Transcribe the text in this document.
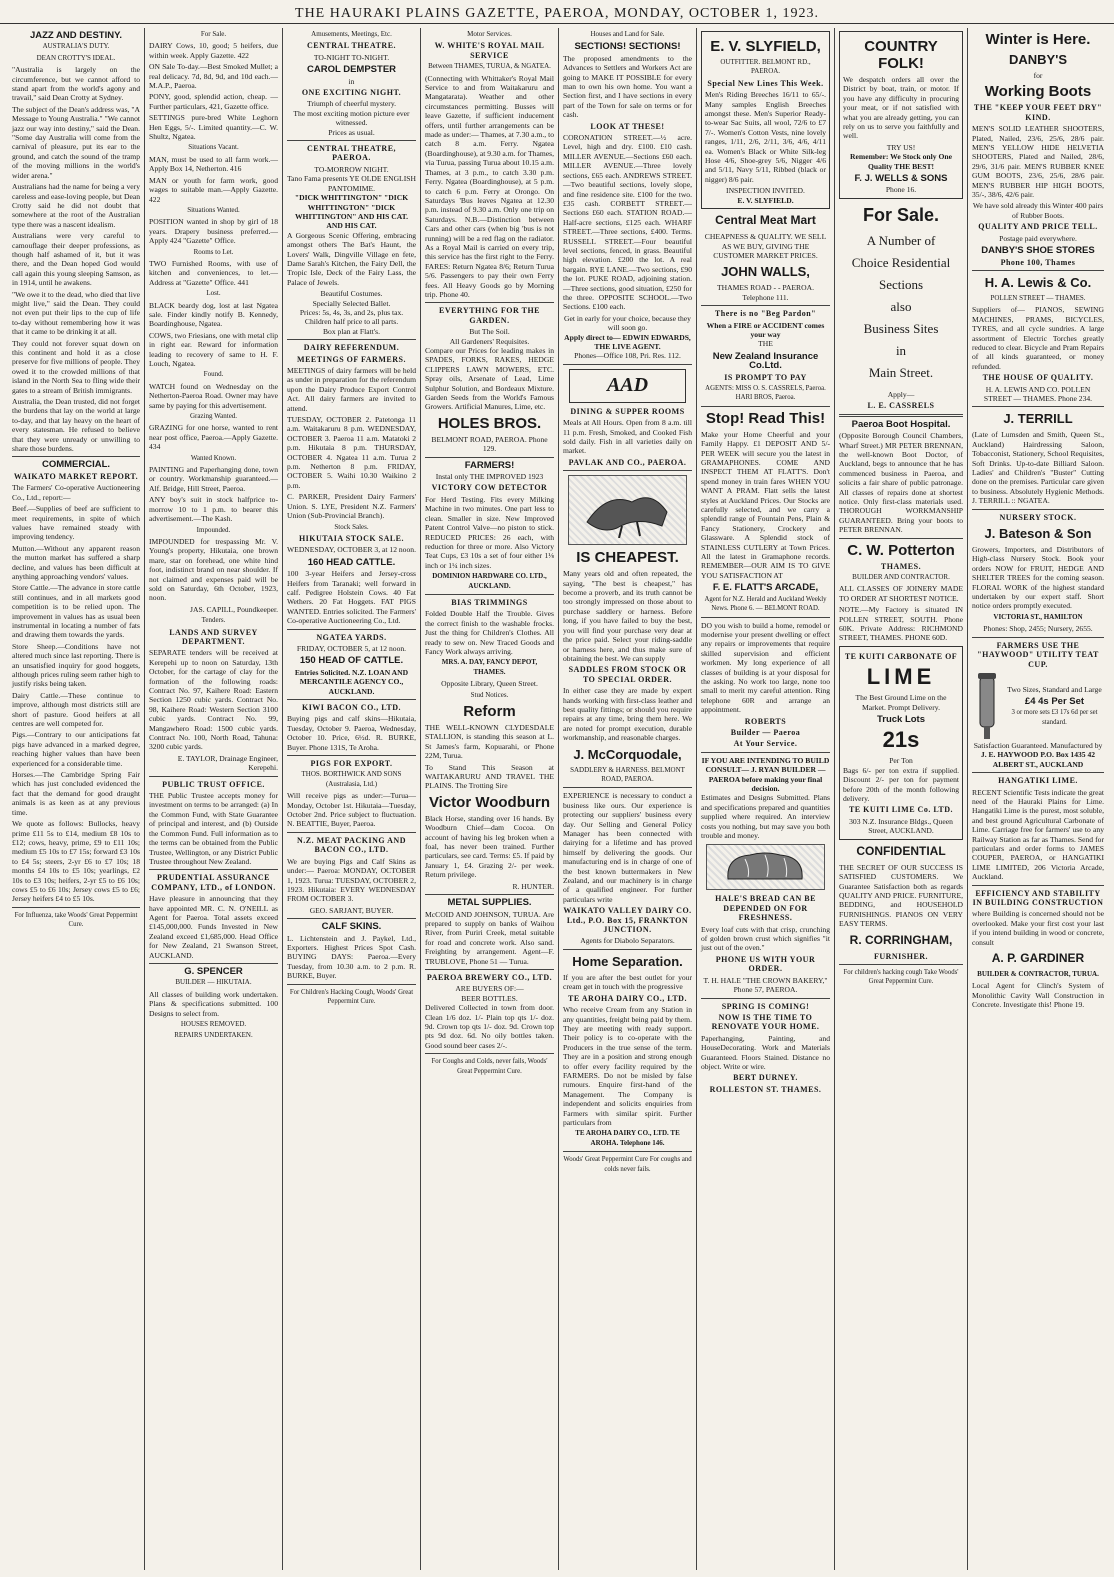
THE HAURAKI PLAINS GAZETTE, PAEROA, MONDAY, OCTOBER 1, 1923.
JAZZ AND DESTINY.
AUSTRALIA'S DUTY.
DEAN CROTTY'S IDEAL.

"Australia is largely on the circumference, but we cannot afford to stand apart from the world's agony and travail," said Dean Crotty at Sydney.

The subject of the Dean's address was, "A Message to Young Australia." "We cannot jazz our way into destiny," said the Dean. "Some day Australia will come from the carnival of pleasure, put its ear to the ground, and catch the sound of the tramp of the moving millions in the world's wider arena."

Australians had the name for being a very careless and ease-loving people, but Dean Crotty said he did not doubt that somewhere at the root of the Australian type there was a nascent idealism.

Australians were very careful to camouflage their deeper professions, as though half ashamed of it, but it was there, and the Dean hoped God would call again this young sleeping Samson, as in 1914, until he awakens.

"We owe it to the dead, who died that live might live," said the Dean. They could not even put their lips to the cup of life to-day without remembering how it was that it came to be drinking it at all.

They could not forever squat down on this continent and hold it as a close preserve for five millions of people. They owed it to the crowded millions of that island in the North Sea to fling wide their gates to a stream of British immigrants.

Australia, the Dean trusted, did not forget the burdens that lay on the world at large to-day, and that lay heavy on the heart of every statesman. He refused to believe that they were unready or unwilling to share those burdens.

COMMERCIAL.
WAIKATO MARKET REPORT.

The Farmers' Co-operative Auctioneering Co., Ltd., report:—

Beef.—Supplies of beef are sufficient to meet requirements, in spite of which values have remained steady with improving tendency.

Mutton.—Without any apparent reason the mutton market has suffered a sharp decline, and values has been difficult at anything approaching vendors' values.

Store Cattle.—The advance in store cattle still continues, and in all markets good competition is to be relied upon. The improvement in values has as usual been instrumental in locating a number of fats and drawing them towards the yards.

Store Sheep.—Conditions have not altered much since last reporting. There is an unsatisfied inquiry for good hoggets, although prices ruling seem rather high to justify risks being taken.

Dairy Cattle.—These continue to improve, although most districts still are short of pasture. Good heifers at all centres are well competed for.

Pigs.—Contrary to our anticipations fat pigs have advanced in a marked degree, reaching higher values than have been experienced for a considerable time.

Horses.—The Cambridge Spring Fair which has just concluded evidenced the fact that the demand for good draught animals is as keen as at any previous time.

We quote as follows: Bullocks, heavy prime £11 5s to £14, medium £8 10s to £12; cows, heavy, prime, £9 to £11 10s; medium £5 10s to £7 15s; forward £3 10s to £4 5s; steers, 2-yr £6 to £7 10s; 18 months £4 10s to £5 10s; yearlings, £2 10s to £3 10s; heifers, 2-yr £5 to £6 10s; cows £5 to £6 10s; Jersey cows £5 to £6; Jersey heifers £4 to £5 10s.

For Influenza, take Woods' Great Peppermint Cure.
For Sale.

DAIRY Cows, 10, good; 5 heifers, due within week. Apply Gazette. 422

ON Sale To-day.—Best Smoked Mullet; a real delicacy. 7d, 8d, 9d, and 10d each.—M.A.P., Paeroa.

PONY, good, splendid action, cheap. — Further particulars, 421, Gazette office.

SETTINGS pure-bred White Leghorn Hen Eggs, 5/-. Limited quantity.—C. W. Shultz, Ngatea.

Situations Vacant.

MAN, must be used to all farm work.—Apply Box 14, Netherton. 416

MAN or youth for farm work, good wages to suitable man.—Apply Gazette. 422

Situations Wanted.

POSITION wanted in shop by girl of 18 years. Drapery business preferred.—Apply 424 "Gazette" Office.

Rooms to Let.

TWO Furnished Rooms, with use of kitchen and conveniences, to let.—Address at "Gazette" Office. 441

Lost.

BLACK beardy dog, lost at last Ngatea sale. Finder kindly notify B. Kennedy, Boardinghouse, Ngatea.

COWS, two Friesians, one with metal clip in right ear. Reward for information leading to recovery of same to H. F. Louch, Ngatea.

Found.

WATCH found on Wednesday on the Netherton-Paeroa Road. Owner may have same by paying for this advertisement.

Grazing Wanted.

GRAZING for one horse, wanted to rent near post office, Paeroa.—Apply Gazette. 434

Wanted Known.

PAINTING and Paperhanging done, town or country. Workmanship guaranteed.—Alf. Bridge, Hill Street, Paeroa.

ANY boy's suit in stock halfprice to-morrow 10 to 1 p.m. to bearer this advertisement.—The Kash.

Impounded.

IMPOUNDED for trespassing Mr. V. Young's property, Hikutaia, one brown mare, star on forehead, one white hind foot, indistinct brand on near shoulder. If not claimed and expenses paid will be sold on Saturday, 6th October, 1923, noon.

JAS. CAPILL, Poundkeeper.
Tenders.
LANDS AND SURVEY DEPARTMENT.

SEPARATE tenders will be received at Kerepehi up to noon on Saturday, 13th October, for the cartage of clay for the formation of the following roads: Contract No. 97, Kaihere Road: Eastern Section 1250 cubic yards. Contract No. 98, Kaihere Road: Western Section 3100 cubic yards. Contract No. 99, Mangawhero Road: 1500 cubic yards. Contract No. 100, North Road, Tahuna: 3200 cubic yards.

E. TAYLOR, Drainage Engineer, Kerepehi.
PUBLIC TRUST OFFICE.

THE Public Trustee accepts money for investment on terms to be arranged: (a) In the Common Fund, with State Guarantee of principal and interest, and (b) Outside the Common Fund. Full information as to the terms can be obtained from the Public Trustee, Wellington, or any District Public Trustee throughout New Zealand.

PRUDENTIAL ASSURANCE COMPANY, LTD., of LONDON.

Have pleasure in announcing that they have appointed MR. C. N. O'NEILL as Agent for Paeroa. Total assets exceed £145,000,000. Funds Invested in New Zealand exceed £1,685,000. Head Office for New Zealand, 21 Swanson Street, AUCKLAND.

G. SPENCER
BUILDER — HIKUTAIA.

All classes of building work undertaken. Plans & specifications submitted. 100 Designs to select from.

HOUSES REMOVED.
REPAIRS UNDERTAKEN.
Amusements, Meetings, Etc.
CENTRAL THEATRE.
TO-NIGHT TO-NIGHT.
CAROL DEMPSTER
in
ONE EXCITING NIGHT.
Triumph of cheerful mystery.
The most exciting motion picture ever witnessed.
Prices as usual.
CENTRAL THEATRE, PAEROA.
TO-MORROW NIGHT.
Tano Fama presents YE OLDE ENGLISH PANTOMIME.
"DICK WHITTINGTON" "DICK WHITTINGTON" "DICK WHITTINGTON" AND HIS CAT. AND HIS CAT.

A Gorgeous Scenic Offering, embracing amongst others The Bat's Haunt, the Lovers' Walk, Dingville Village en fete, Dame Sarah's Kitchen, the Fairy Dell, the Tropic Isle, Deck of the Fairy Lass, the Palace of Jewels.

Beautiful Costumes.
Specially Selected Ballet.
Prices: 5s, 4s, 3s, and 2s, plus tax. Children half price to all parts.
Box plan at Flatt's.
DAIRY REFERENDUM.
MEETINGS OF FARMERS.

MEETINGS of dairy farmers will be held as under in preparation for the referendum upon the Dairy Produce Export Control Act. All dairy farmers are invited to attend.

TUESDAY, OCTOBER 2. Patetonga 11 a.m. Waitakaruru 8 p.m. WEDNESDAY, OCTOBER 3. Paeroa 11 a.m. Matatoki 2 p.m. Hikutaia 8 p.m. THURSDAY, OCTOBER 4. Ngatea 11 a.m. Turua 2 p.m. Netherton 8 p.m. FRIDAY, OCTOBER 5. Waihi 10.30 Waikino 2 p.m.

C. PARKER, President Dairy Farmers' Union. S. LYE, President N.Z. Farmers' Union (Sub-Provincial Branch).

Stock Sales.
HIKUTAIA STOCK SALE.
WEDNESDAY, OCTOBER 3, at 12 noon.
160 HEAD CATTLE.

100 3-year Heifers and Jersey-cross Heifers from Taranaki; well forward in calf. Pedigree Holstein Cows. 40 Fat Wethers. 20 Fat Hoggets. FAT PIGS WANTED. Entries solicited. The Farmers' Co-operative Auctioneering Co., Ltd.

NGATEA YARDS.
FRIDAY, OCTOBER 5, at 12 noon.
150 HEAD OF CATTLE.
Entries Solicited. N.Z. LOAN AND MERCANTILE AGENCY CO., AUCKLAND.
KIWI BACON CO., LTD.

Buying pigs and calf skins—Hikutaia, Tuesday, October 9. Paeroa, Wednesday, October 10. Price, 6½d. R. BURKE, Buyer. Phone 131S, Te Aroha.

PIGS FOR EXPORT.
THOS. BORTHWICK AND SONS (Australasia, Ltd.)

Will receive pigs as under:—Turua—Monday, October 1st. Hikutaia—Tuesday, October 2nd. Price subject to fluctuation. N. BEATTIE, Buyer, Paeroa.

N.Z. MEAT PACKING AND BACON CO., LTD.

We are buying Pigs and Calf Skins as under:— Paeroa: MONDAY, OCTOBER 1, 1923. Turua: TUESDAY, OCTOBER 2, 1923. Hikutaia: EVERY WEDNESDAY FROM OCTOBER 3.

GEO. SARJANT, BUYER.
CALF SKINS.

L. Lichtenstein and J. Paykel, Ltd., Exporters. Highest Prices Spot Cash. BUYING DAYS: Paeroa.—Every Tuesday, from 10.30 a.m. to 2 p.m. R. BURKE, Buyer.

For Children's Hacking Cough, Woods' Great Peppermint Cure.
Motor Services.
W. WHITE'S ROYAL MAIL SERVICE
Between THAMES, TURUA, & NGATEA.

(Connecting with Whittaker's Royal Mail Service to and from Waitakaruru and Mangatarata). Weather and other circumstances permitting. Busses will leave Gazette, if sufficient inducement offers, until further arrangements can be made as under:— Thames, at 7.30 a.m., to catch 8 a.m. Ferry. Ngatea (Boardinghouse), at 9.30 a.m. for Thames, via Turua, passing Turua about 10.15 a.m. Thames, at 3 p.m., to catch 3.30 p.m. Ferry. Ngatea (Boardinghouse), at 5 p.m. to catch 6 p.m. Ferry at Orongo. On Saturdays 'Bus leaves Ngatea at 12.30 p.m. instead of 9.30 a.m. Only one trip on Saturdays. N.B.—Distinction between Cars and other cars (when big 'bus is not running) will be a red flag on the radiator. As a Royal Mail is carried on every trip, this service has the first right to the Ferry. FARES: Return Ngatea 8/6; Return Turua 5/6. Passengers to pay their own Ferry fees. All Heavy Goods go by Morning trip. Phone 40.

EVERYTHING FOR THE GARDEN.
But The Soil.
All Gardeners' Requisites.

Compare our Prices for leading makes in SPADES, FORKS, RAKES, HEDGE CLIPPERS LAWN MOWERS, ETC. Spray oils, Arsenate of Lead, Lime Sulphur Solution, and Bordeaux Mixture. Garden Seeds from the World's Famous Growers. Artificial Manures, Lime, etc.

HOLES BROS.
BELMONT ROAD, PAEROA. Phone 129.
FARMERS!
Instal only THE IMPROVED 1923
VICTORY COW DETECTOR

For Herd Testing. Fits every Milking Machine in two minutes. One part less to clean. Smaller in size. New Improved Patent Control Valve—no piston to stick. REDUCED PRICES: 26 each, with reduction for three or more. Also Victory Teat Cups, £3 10s a set of four either 1⅛ inch or 1¼ inch sizes.

DOMINION HARDWARE CO. LTD., AUCKLAND.
BIAS TRIMMINGS

Folded Double Half the Trouble. Gives the correct finish to the washable frocks. Just the thing for Children's Clothes. All ready to sew on. New Traced Goods and Fancy Work always arriving.

MRS. A. DAY, FANCY DEPOT, THAMES.
Opposite Library, Queen Street.
Stud Notices.
Reform

THE WELL-KNOWN CLYDESDALE STALLION, is standing this season at L. St James's farm, Kopuarahi, or Phone 22M, Turua.

To Stand This Season at WAITAKARURU AND TRAVEL THE PLAINS. The Trotting Sire

Victor Woodburn

Black Horse, standing over 16 hands. By Woodburn Chief—dam Cocoa. On account of having his leg broken when a foal, has never been trained. Further particulars, see card. Terms: £5. If paid by January 1, £4. Grazing 2/- per week. Return privilege.

R. HUNTER.
METAL SUPPLIES.

McCOID AND JOHNSON, TURUA. Are prepared to supply on banks of Waihou River, from Puriri Creek, metal suitable for road and concrete work. Also sand. Freighting by arrangement. Agent—F. TRUBLOVE, Phone 51 — Turua.

PAEROA BREWERY CO., LTD.
ARE BUYERS OF:—
BEER BOTTLES.

Delivered Collected in town from door. Clean 1/6 doz. 1/- Plain top qts 1/- doz. 9d. Crown top qts 1/- doz. 9d. Crown top pts 9d doz. 6d. No oily bottles taken. Good sound beer cases 2/-.

For Coughs and Colds, never fails, Woods' Great Peppermint Cure.
Houses and Land for Sale.
SECTIONS! SECTIONS!

The proposed amendments to the Advances to Settlers and Workers Act are going to MAKE IT POSSIBLE for every man to own his own home. You want a Section first, and I have sections in every part of the Town for sale on terms or for cash.

LOOK AT THESE!

CORONATION STREET.—½ acre. Level, high and dry. £100. £10 cash. MILLER AVENUE.—Sections £60 each. MILLER AVENUE.—Three lovely sections, £65 each. ANDREWS STREET.—Two beautiful sections, lovely slope, and fine residence site. £100 for the two. £35 cash. CORBETT STREET.—Sections £60 each. STATION ROAD.—Half-acre sections, £125 each. WHARF STREET.—Three sections, £400. Terms. RUSSELL STREET.—Four beautiful level sections, fenced, in grass. Beautiful high elevation. £200 the lot. A real bargain. RYE LANE.—Two sections, £90 the lot. PUKE ROAD, adjoining station.—Three sections, good situation, £250 for the three. OPPOSITE SCHOOL.—Two Sections. £100 each.

Get in early for your choice, because they will soon go.
Apply direct to— EDWIN EDWARDS, THE LIVE AGENT.
Phones—Office 108, Pri. Res. 112.
AAD
DINING & SUPPER ROOMS

Meals at All Hours. Open from 8 a.m. till 11 p.m. Fresh, Smoked, and Cooked Fish sold daily. Fish in all varieties daily on market.

PAVLAK AND CO., PAEROA.
IS CHEAPEST.

Many years old and often repeated, the saying, "The best is cheapest," has become a proverb, and its truth cannot be too strongly impressed on those about to purchase saddlery or harness. Before long, if you have failed to buy the best, you will find your purchase very dear at the price paid. Select your riding-saddle or harness here, and thus make sure of obtaining the best. We can supply

SADDLES FROM STOCK OR TO SPECIAL ORDER.

In either case they are made by expert hands working with first-class leather and best quality fittings; or should you require repairs at any time, bring them here. We are noted for prompt execution, durable workmanship, and reasonable charges.

J. McCorquodale,
SADDLERY & HARNESS. BELMONT ROAD, PAEROA.

EXPERIENCE is necessary to conduct a business like ours. Our experience is protecting our suppliers' business every day. Our Selling and General Policy Manager has been connected with dairying for a lifetime and has proved himself by delivering the goods. Our manufacturing end is in charge of one of the best known buttermakers in New Zealand, and our machinery is in charge of a qualified engineer. For further particulars write

WAIKATO VALLEY DAIRY CO. Ltd., P.O. Box 15, FRANKTON JUNCTION.
Agents for Diabolo Separators.
Home Separation.

If you are after the best outlet for your cream get in touch with the progressive

TE AROHA DAIRY CO., LTD.

Who receive Cream from any Station in any quantities, freight being paid by them. They are meeting with ready support. Their policy is to co-operate with the Producers in the true sense of the term. They are in a position and strong enough to offer every facility required by the FARMERS. Do not be misled by false rumours. Enquire first-hand of the Management. The Company is independent and solicits enquiries from Farmers with similar spirit. Further particulars from

TE AROHA DAIRY CO., LTD. TE AROHA. Telephone 146.
Woods' Great Peppermint Cure For coughs and colds never fails.
E. V. SLYFIELD,
OUTFITTER. BELMONT RD., PAEROA.
Special New Lines This Week.

Men's Riding Breeches 16/11 to 65/-. Many samples English Breeches amongst these. Men's Superior Ready-to-wear Sac Suits, all wool, 72/6 to £7 7/-. Women's Cotton Vests, nine lovely ranges, 1/11, 2/6, 2/11, 3/6, 4/6, 4/11 ea. Women's Black or White Silk-leg Hose 4/6, Shoe-grey 5/6, Nigger 4/6 and 5/11, Navy 5/11, Ribbed (black or nigger) 8/6 pair.

INSPECTION INVITED.
E. V. SLYFIELD.
Central Meat Mart
CHEAPNESS & QUALITY. WE SELL AS WE BUY, GIVING THE CUSTOMER MARKET PRICES.
JOHN WALLS,
THAMES ROAD - - PAEROA. Telephone 111.
There is no "Beg Pardon"
When a FIRE or ACCIDENT comes your way
THE
New Zealand Insurance Co.Ltd.
IS PROMPT TO PAY
AGENTS: MISS O. S. CASSRELS, Paeroa. HARI BROS, Paeroa.
Stop! Read This!

Make your Home Cheerful and your Family Happy. £1 DEPOSIT AND 5/- PER WEEK will secure you the latest in GRAMAPHONES. COME AND INSPECT THEM AT FLATT'S. Don't spend money in train fares WHEN YOU WANT A PRAM. Flatt sells the latest styles at Auckland Prices. Our Stocks are carefully selected, and we carry a splendid range of Fountain Pens, Plain & Fancy Stationery, Crockery and Glassware. A Splendid stock of STAINLESS CUTLERY at Town Prices. All the latest in Gramaphone records. REMEMBER—OUR AIM IS TO GIVE YOU SATISFACTION AT

F. E. FLATT'S ARCADE,
Agent for N.Z. Herald and Auckland Weekly News. Phone 6. — BELMONT ROAD.

DO you wish to build a home, remodel or modernise your present dwelling or effect any repairs or improvements that require skilled supervision and efficient workmen. My long experience of all classes of building is at your disposal for the asking. No work too large, none too small to merit my careful attention. Ring telephone 60R and arrange an appointment.

ROBERTS
Builder — Paeroa
At Your Service.
IF YOU ARE INTENDING TO BUILD CONSULT— J. RYAN BUILDER — PAEROA before making your final decision.

Estimates and Designs Submitted. Plans and specifications prepared and quantities supplied where required. An interview costs you nothing, but may save you both trouble and money.

HALE'S BREAD CAN BE DEPENDED ON FOR FRESHNESS.

Every loaf cuts with that crisp, crunching of golden brown crust which signifies "it just out of the oven."

PHONE US WITH YOUR ORDER.
T. H. HALE "THE CROWN BAKERY," Phone 57, PAEROA.
SPRING IS COMING!
NOW IS THE TIME TO RENOVATE YOUR HOME.

Paperhanging, Painting, and HouseDecorating. Work and Materials Guaranteed. Floors Stained. Distance no object. Write or wire.

BERT DURNEY.
ROLLESTON ST. THAMES.
COUNTRY FOLK!

We despatch orders all over the District by boat, train, or motor. If you have any difficulty in procuring your meat, or if not satisfied with what you are already getting, you can rely on us to serve you faithfully and well.

TRY US!
Remember: We Stock only One Quality THE BEST!
F. J. WELLS & SONS
Phone 16.
For Sale.
A Number of
Choice Residential
Sections
also
Business Sites
in
Main Street.
Apply—
L. E. CASSRELS
Paeroa Boot Hospital.

(Opposite Borough Council Chambers, Wharf Street.) MR PETER BRENNAN, the well-known Boot Doctor, of Auckland, begs to announce that he has commenced business in Paeroa, and solicits a fair share of public patronage. All classes of repairs done at shortest notice. Only first-class materials used. THOROUGH WORKMANSHIP GUARANTEED. Bring your boots to PETER BRENNAN.

C. W. Potterton
THAMES.
BUILDER AND CONTRACTOR.

ALL CLASSES OF JOINERY MADE TO ORDER AT SHORTEST NOTICE.

NOTE.—My Factory is situated IN POLLEN STREET, SOUTH. Phone 60K. Private Address: RICHMOND STREET, THAMES. PHONE 60D.

TE KUITI CARBONATE OF
LIME
The Best Ground Lime on the Market. Prompt Delivery.
Truck Lots
21s
Per Ton

Bags 6/- per ton extra if supplied. Discount 2/- per ton for payment before 20th of the month following delivery.

TE KUITI LIME Co. LTD.
303 N.Z. Insurance Bldgs., Queen Street, AUCKLAND.
CONFIDENTIAL

THE SECRET OF OUR SUCCESS IS SATISFIED CUSTOMERS. We Guarantee Satisfaction both as regards QUALITY AND PRICE. FURNITURE, BEDDING, and HOUSEHOLD FURNISHINGS. PIANOS ON VERY EASY TERMS.

R. CORRINGHAM,
FURNISHER.
For children's hacking cough Take Woods' Great Peppermint Cure.
Winter is Here.
DANBY'S
for
Working Boots
THE "KEEP YOUR FEET DRY" KIND.

MEN'S SOLID LEATHER SHOOTERS, Plated, Nailed, 23/6, 25/6, 28/6 pair. MEN'S YELLOW HIDE HELVETIA SHOOTERS, Plated and Nailed, 28/6, 29/6, 31/6 pair. MEN'S RUBBER KNEE GUM BOOTS, 23/6, 25/6, 28/6 pair. MEN'S RUBBER HIP HIGH BOOTS, 35/-, 38/6, 42/6 pair.

We have sold already this Winter 400 pairs of Rubber Boots.
QUALITY AND PRICE TELL.
Postage paid everywhere.
DANBY'S SHOE STORES
Phone 100, Thames
H. A. Lewis & Co.
POLLEN STREET — THAMES.

Suppliers of— PIANOS, SEWING MACHINES, PRAMS, BICYCLES, TYRES, and all cycle sundries. A large assortment of Electric Torches greatly reduced to clear. Bicycle and Pram Repairs of all kinds guaranteed, or money refunded.

THE HOUSE OF QUALITY.
H. A. LEWIS AND CO. POLLEN STREET — THAMES. Phone 234.
J. TERRILL

(Late of Lumsden and Smith, Queen St., Auckland) Hairdressing Saloon, Tobacconist, Stationery, School Requisites, Soft Drinks. Up-to-date Billiard Saloon. Ladies' and Children's "Buster" Cutting done on the premises. Particular care given to business. Absolutely Hygienic Methods. J. TERRILL :: NGATEA.

NURSERY STOCK.
J. Bateson & Son

Growers, Importers, and Distributors of High-class Nursery Stock. Book your orders NOW for FRUIT, HEDGE AND SHELTER TREES for the coming season. FLORAL WORK of the highest standard undertaken by our expert staff. Short notice orders promptly executed.

VICTORIA ST., HAMILTON
Phones: Shop, 2455; Nursery, 2655.
FARMERS USE THE "HAYWOOD" UTILITY TEAT CUP.
Two Sizes, Standard and Large
£4 4s Per Set
3 or more sets £3 17s 6d per set standard.
Satisfaction Guaranteed. Manufactured by
J. E. HAYWOOD P.O. Box 1435 42 ALBERT ST., AUCKLAND
HANGATIKI LIME.

RECENT Scientific Tests indicate the great need of the Hauraki Plains for Lime. Hangatiki Lime is the purest, most soluble, and best ground Agricultural Carbonate of Lime. Carriage free for farmers' use to any Railway Station as far as Thames. Send for particulars and order forms to JAMES COUPER, PAEROA, or HANGATIKI LIME LIMITED, 206 Victoria Arcade, Auckland.

EFFICIENCY AND STABILITY IN BUILDING CONSTRUCTION

where Building is concerned should not be overlooked. Make your first cost your last if you intend building in wood or concrete, consult

A. P. GARDINER
BUILDER & CONTRACTOR, TURUA.

Local Agent for Clinch's System of Monolithic Cavity Wall Construction in Concrete. Investigate this! Phone 19.
